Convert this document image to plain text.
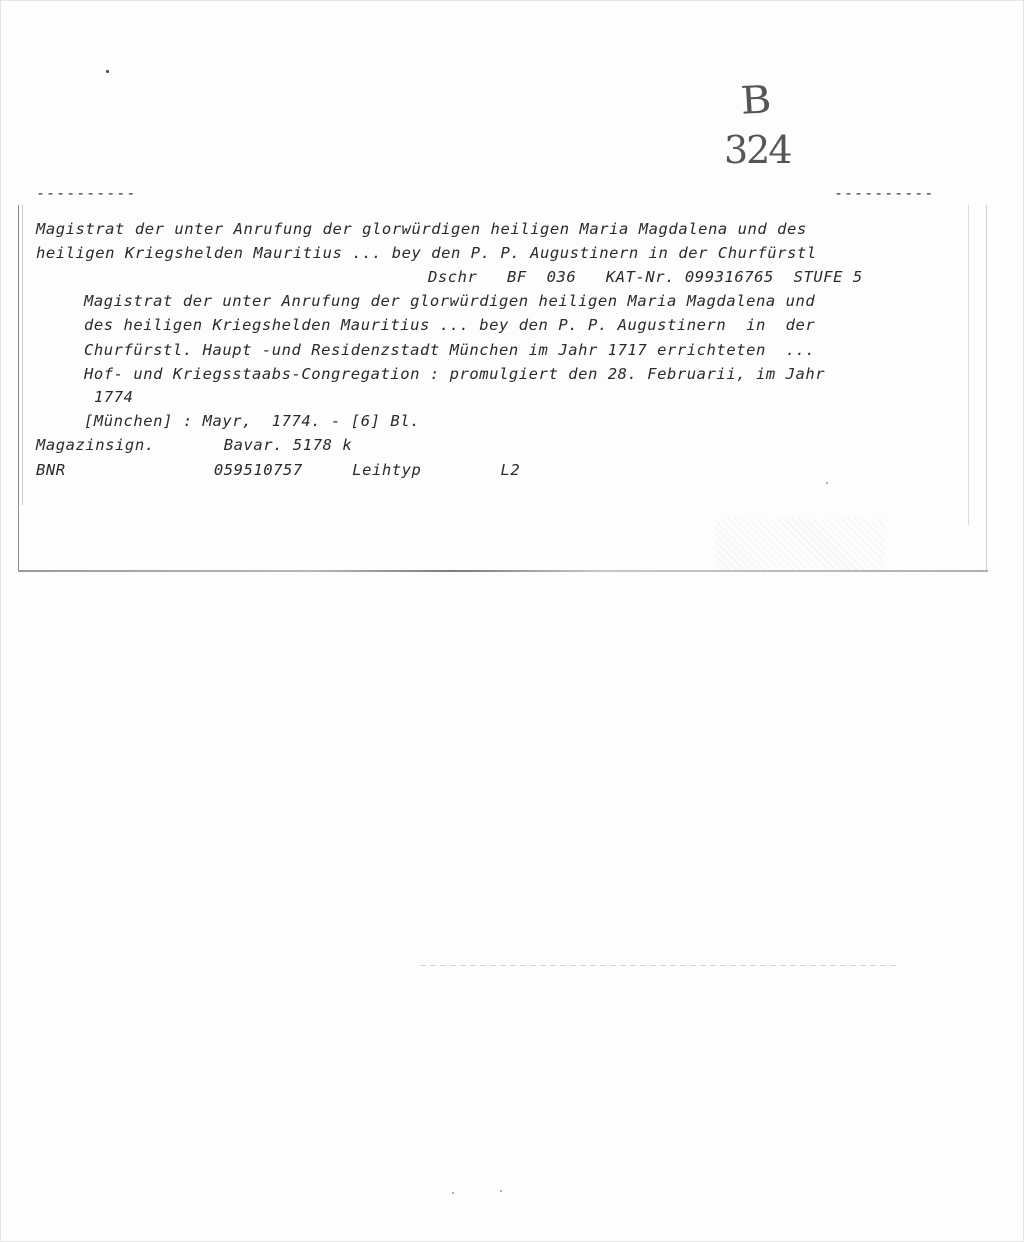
B
324
----------	----------
Magistrat der unter Anrufung der glorwürdigen heiligen Maria Magdalena und des
heiligen Kriegshelden Mauritius ... bey den P. P. Augustinern in der Churfürstl
Dschr   BF  036   KAT-Nr. 099316765  STUFE 5
Magistrat der unter Anrufung der glorwürdigen heiligen Maria Magdalena und
des heiligen Kriegshelden Mauritius ... bey den P. P. Augustinern  in  der
Churfürstl. Haupt -und Residenzstadt München im Jahr 1717 errichteten  ...
Hof- und Kriegsstaabs-Congregation : promulgiert den 28. Februarii, im Jahr
1774
[München] : Mayr,  1774. - [6] Bl.
Magazinsign.       Bavar. 5178 k
BNR               059510757     Leihtyp        L2
